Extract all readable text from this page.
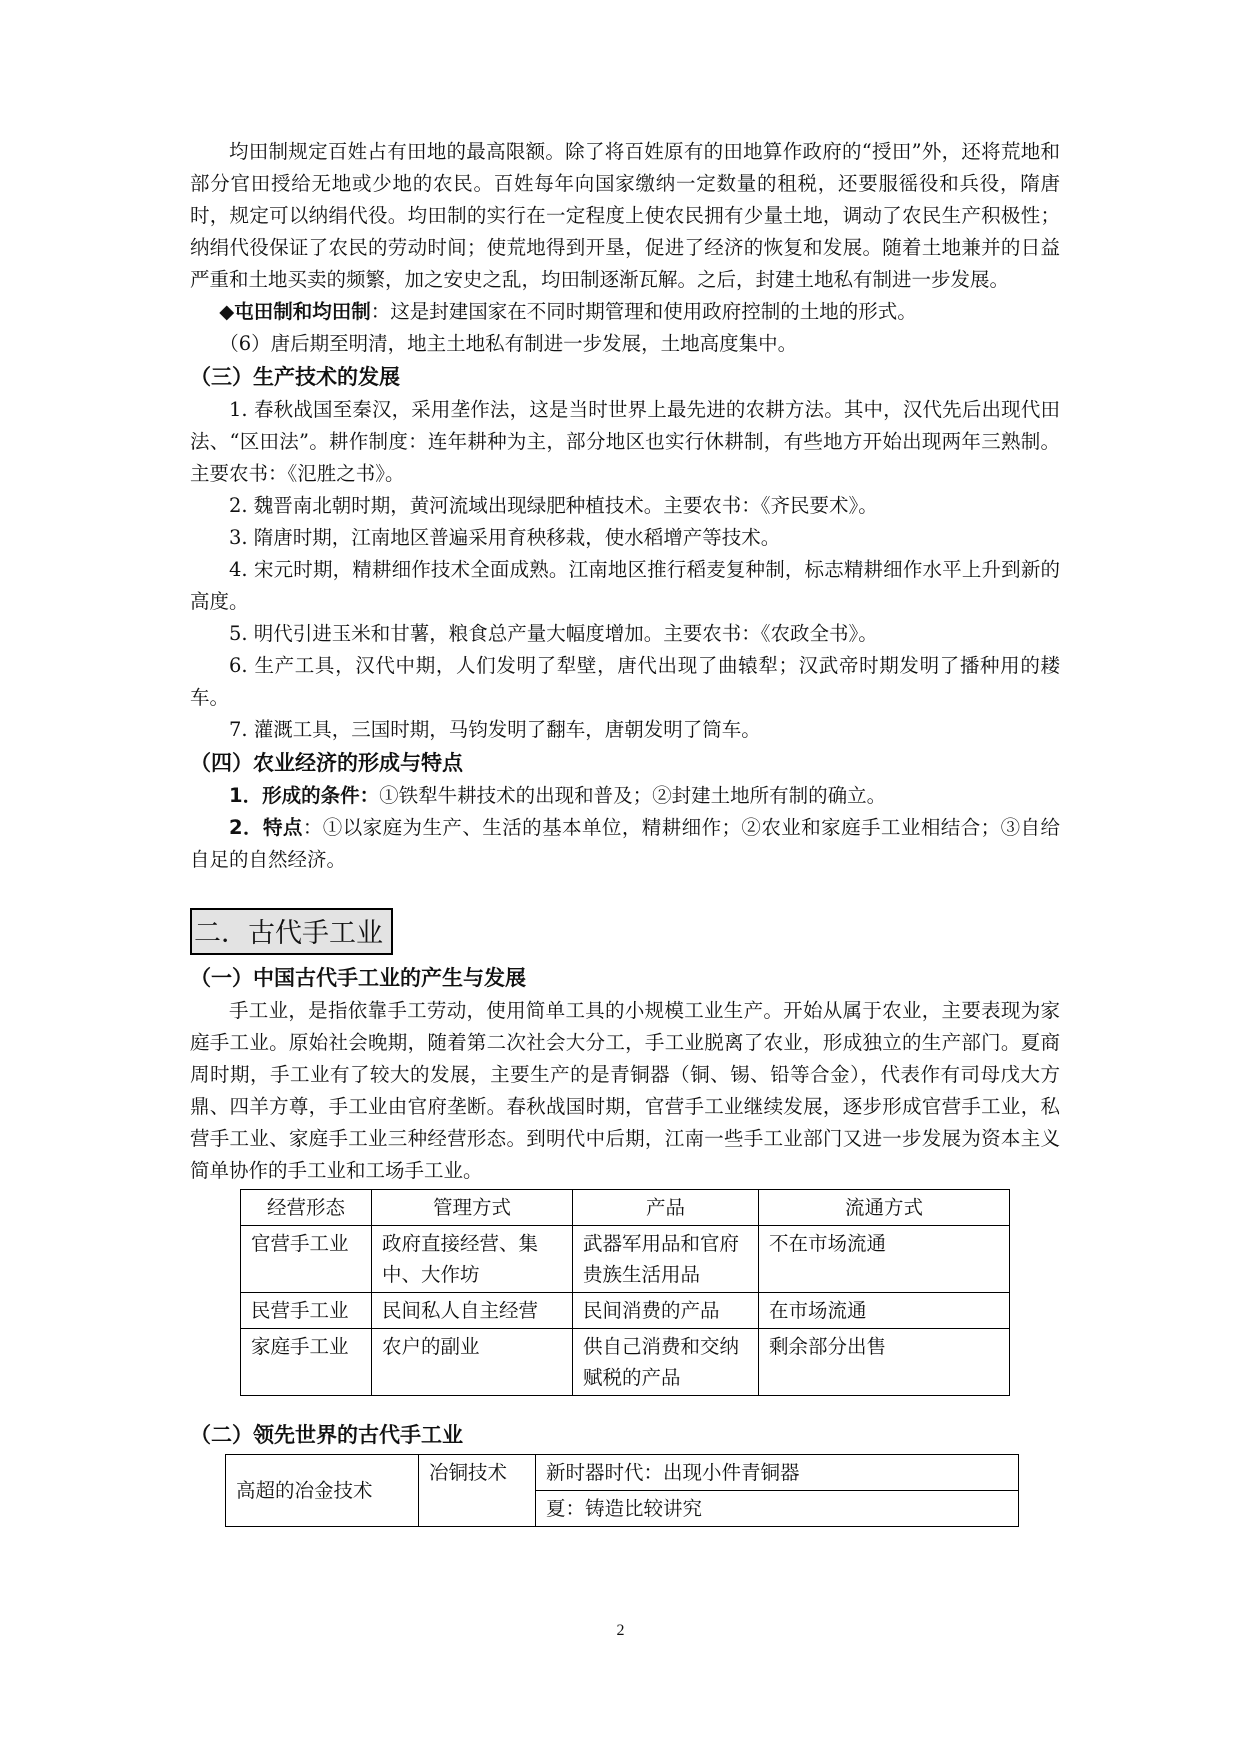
均田制规定百姓占有田地的最高限额。除了将百姓原有的田地算作政府的“授田”外，还将荒地和部分官田授给无地或少地的农民。百姓每年向国家缴纳一定数量的租税，还要服徭役和兵役，隋唐时，规定可以纳绢代役。均田制的实行在一定程度上使农民拥有少量土地，调动了农民生产积极性；纳绢代役保证了农民的劳动时间；使荒地得到开垦，促进了经济的恢复和发展。随着土地兼并的日益严重和土地买卖的频繁，加之安史之乱，均田制逐渐瓦解。之后，封建土地私有制进一步发展。

◆屯田制和均田制：这是封建国家在不同时期管理和使用政府控制的土地的形式。

（6）唐后期至明清，地主土地私有制进一步发展，土地高度集中。

（三）生产技术的发展

1. 春秋战国至秦汉，采用垄作法，这是当时世界上最先进的农耕方法。其中，汉代先后出现代田法、“区田法”。耕作制度：连年耕种为主，部分地区也实行休耕制，有些地方开始出现两年三熟制。主要农书：《氾胜之书》。

2. 魏晋南北朝时期，黄河流域出现绿肥种植技术。主要农书：《齐民要术》。

3. 隋唐时期，江南地区普遍采用育秧移栽，使水稻增产等技术。

4. 宋元时期，精耕细作技术全面成熟。江南地区推行稻麦复种制，标志精耕细作水平上升到新的高度。

5. 明代引进玉米和甘薯，粮食总产量大幅度增加。主要农书：《农政全书》。

6. 生产工具，汉代中期，人们发明了犁壁，唐代出现了曲辕犁；汉武帝时期发明了播种用的耧车。

7. 灌溉工具，三国时期，马钧发明了翻车，唐朝发明了筒车。

（四）农业经济的形成与特点

1．形成的条件：①铁犁牛耕技术的出现和普及；②封建土地所有制的确立。

2．特点：①以家庭为生产、生活的基本单位，精耕细作；②农业和家庭手工业相结合；③自给自足的自然经济。

二．古代手工业
（一）中国古代手工业的产生与发展

手工业，是指依靠手工劳动，使用简单工具的小规模工业生产。开始从属于农业，主要表现为家庭手工业。原始社会晚期，随着第二次社会大分工，手工业脱离了农业，形成独立的生产部门。夏商周时期，手工业有了较大的发展，主要生产的是青铜器（铜、锡、铅等合金），代表作有司母戊大方鼎、四羊方尊，手工业由官府垄断。春秋战国时期，官营手工业继续发展，逐步形成官营手工业，私营手工业、家庭手工业三种经营形态。到明代中后期，江南一些手工业部门又进一步发展为资本主义简单协作的手工业和工场手工业。

经营形态	管理方式	产品	流通方式
官营手工业	政府直接经营、集中、大作坊	武器军用品和官府贵族生活用品	不在市场流通
民营手工业	民间私人自主经营	民间消费的产品	在市场流通
家庭手工业	农户的副业	供自己消费和交纳赋税的产品	剩余部分出售
（二）领先世界的古代手工业
高超的冶金技术	冶铜技术	新时器时代：出现小件青铜器
夏：铸造比较讲究
2
